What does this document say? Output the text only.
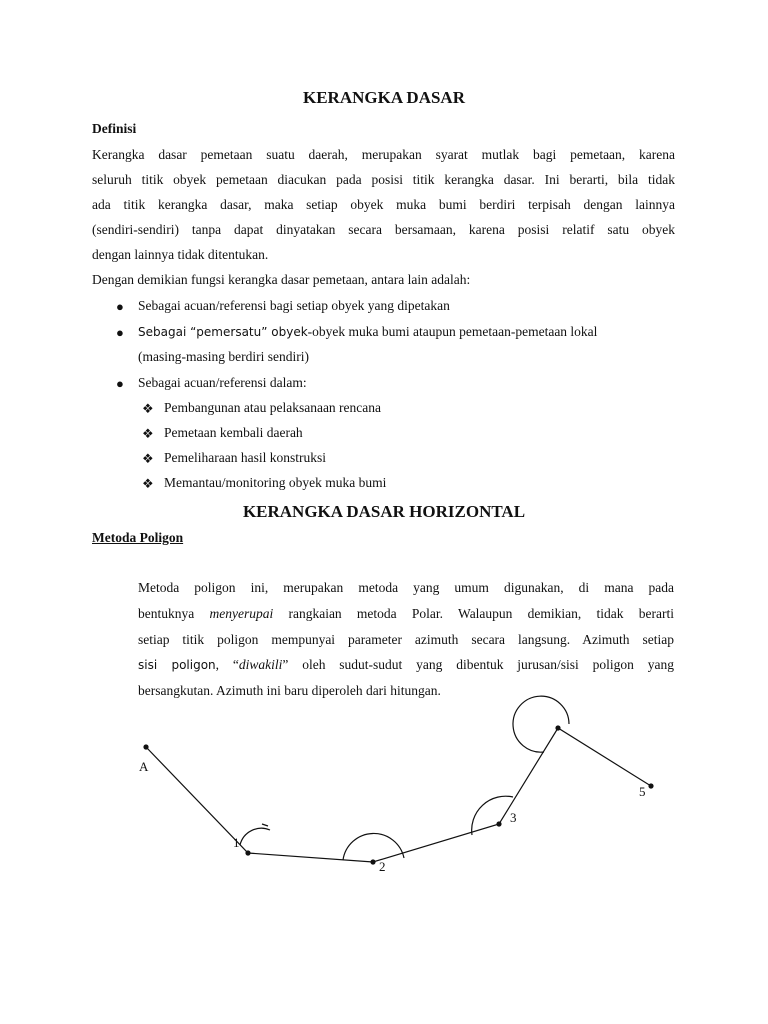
KERANGKA DASAR
Definisi
Kerangka dasar pemetaan suatu daerah, merupakan syarat mutlak bagi pemetaan, karena
seluruh titik obyek pemetaan diacukan pada posisi titik kerangka dasar. Ini berarti, bila tidak
ada titik kerangka dasar, maka setiap obyek muka bumi berdiri terpisah dengan lainnya
(sendiri-sendiri) tanpa dapat dinyatakan secara bersamaan, karena posisi relatif satu obyek
dengan lainnya tidak ditentukan.
Dengan demikian fungsi kerangka dasar pemetaan, antara lain adalah:
● Sebagai acuan/referensi bagi setiap obyek yang dipetakan
● Sebagai “pemersatu” obyek-obyek muka bumi ataupun pemetaan-pemetaan lokal
(masing-masing berdiri sendiri)
● Sebagai acuan/referensi dalam:
❖ Pembangunan atau pelaksanaan rencana
❖ Pemetaan kembali daerah
❖ Pemeliharaan hasil konstruksi
❖ Memantau/monitoring obyek muka bumi
KERANGKA DASAR HORIZONTAL
Metoda Poligon
Metoda poligon ini, merupakan metoda yang umum digunakan, di mana pada
bentuknya menyerupai rangkaian metoda Polar. Walaupun demikian, tidak berarti
setiap titik poligon mempunyai parameter azimuth secara langsung. Azimuth setiap
sisi poligon, “diwakili” oleh sudut-sudut yang dibentuk jurusan/sisi poligon yang
bersangkutan. Azimuth ini baru diperoleh dari hitungan.
A
1
2
3
5
